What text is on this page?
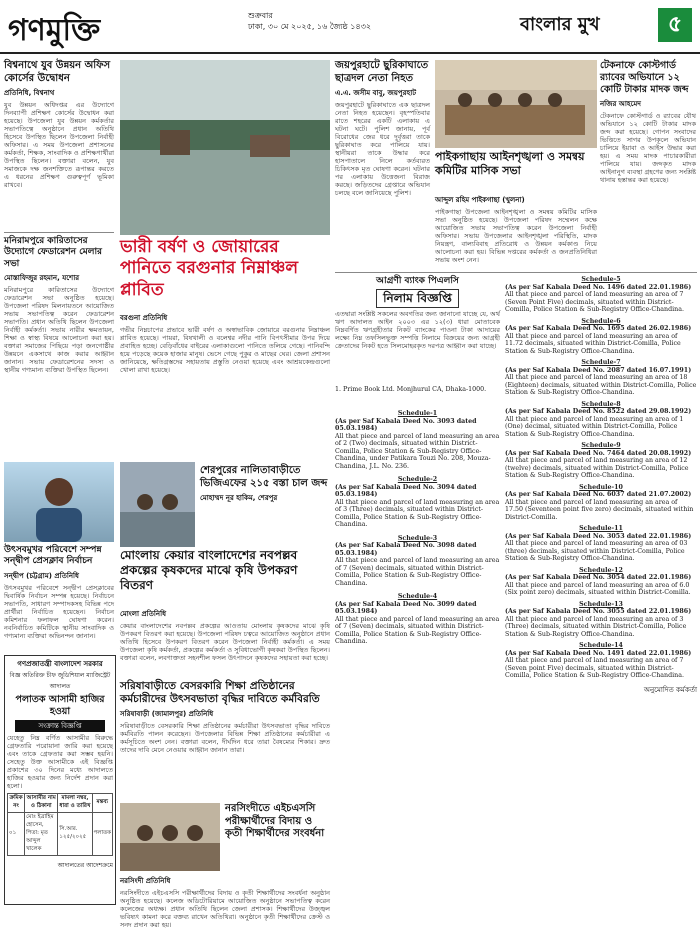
গণমুক্তি	শুক্রবার
ঢাকা, ৩০ মে ২০২৫, ১৬ জ্যৈষ্ঠ ১৪৩২	বাংলার মুখ	৫
বিশ্বনাথে যুব উন্নয়ন অফিস কোর্সের উদ্বোধন
প্রতিনিধি, বিশ্বনাথ
যুব উন্নয়ন অধিদপ্তর এর উদ্যোগে দিনব্যাপী প্রশিক্ষণ কোর্সের উদ্বোধন করা হয়েছে। উপজেলা যুব উন্নয়ন কর্মকর্তার সভাপতিত্বে অনুষ্ঠানে প্রধান অতিথি হিসেবে উপস্থিত ছিলেন উপজেলা নির্বাহী অফিসার। এ সময় উপজেলা প্রশাসনের কর্মকর্তা, শিক্ষক, সাংবাদিক ও প্রশিক্ষণার্থীরা উপস্থিত ছিলেন। বক্তারা বলেন, যুব সমাজকে দক্ষ জনশক্তিতে রূপান্তর করতে এ ধরনের প্রশিক্ষণ গুরুত্বপূর্ণ ভূমিকা রাখবে।
মনিরামপুরে কারিতাসের উদ্যোগে ফেডারেশন মেলার সভা
মোস্তাফিজুর রহমান, যশোর
মনিরামপুরে কারিতাসের উদ্যোগে ফেডারেশন সভা অনুষ্ঠিত হয়েছে। উপজেলা পরিষদ মিলনায়তনে আয়োজিত সভায় সভাপতিত্ব করেন ফেডারেশন সভাপতি। প্রধান অতিথি ছিলেন উপজেলা নির্বাহী কর্মকর্তা। সভায় নারীর ক্ষমতায়ন, শিক্ষা ও স্বাস্থ্য বিষয়ে আলোচনা করা হয়। বক্তারা সমাজের পিছিয়ে পড়া জনগোষ্ঠীর উন্নয়নে একসাথে কাজ করার আহ্বান জানান। সভায় ফেডারেশনের সদস্য ও স্থানীয় গণ্যমান্য ব্যক্তিরা উপস্থিত ছিলেন।
উৎসবমুখর পরিবেশে সম্পন্ন সন্দ্বীপ প্রেসক্লাব নির্বাচন
সন্দ্বীপ (চট্টগ্রাম) প্রতিনিধি
উৎসবমুখর পরিবেশে সন্দ্বীপ প্রেসক্লাবের দ্বিবার্ষিক নির্বাচন সম্পন্ন হয়েছে। নির্বাচনে সভাপতি, সাধারণ সম্পাদকসহ বিভিন্ন পদে প্রার্থীরা নির্বাচিত হয়েছেন। নির্বাচন কমিশনার ফলাফল ঘোষণা করেন। নবনির্বাচিত কমিটিকে স্থানীয় সাংবাদিক ও গণ্যমান্য ব্যক্তিরা অভিনন্দন জানান।
ভারী বর্ষণ ও জোয়ারের পানিতে বরগুনার নিম্নাঞ্চল প্লাবিত
বরগুনা প্রতিনিধি
গভীর নিম্নচাপের প্রভাবে ভারী বর্ষণ ও অস্বাভাবিক জোয়ারে বরগুনার নিম্নাঞ্চল প্লাবিত হয়েছে। পায়রা, বিষখালী ও বলেশ্বর নদীর পানি বিপৎসীমার উপর দিয়ে প্রবাহিত হচ্ছে। বেড়িবাঁধের বাইরের এলাকাগুলো পানিতে তলিয়ে গেছে। পানিবন্দি হয়ে পড়েছে কয়েক হাজার মানুষ। ভেসে গেছে পুকুর ও মাছের ঘের। জেলা প্রশাসন জানিয়েছে, ক্ষতিগ্রস্তদের সহায়তায় প্রস্তুতি নেওয়া হয়েছে এবং আশ্রয়কেন্দ্রগুলো খোলা রাখা হয়েছে।
জয়পুরহাটে ছুরিকাঘাতে ছাত্রদল নেতা নিহত
এ.এ. জসীম বাবু, জয়পুরহাট
জয়পুরহাটে ছুরিকাঘাতে এক ছাত্রদল নেতা নিহত হয়েছেন। বৃহস্পতিবার রাতে শহরের একটি এলাকায় এ ঘটনা ঘটে। পুলিশ জানায়, পূর্ব বিরোধের জের ধরে দুর্বৃত্তরা তাকে ছুরিকাঘাত করে পালিয়ে যায়। স্থানীয়রা তাকে উদ্ধার করে হাসপাতালে নিলে কর্তব্যরত চিকিৎসক মৃত ঘোষণা করেন। ঘটনার পর এলাকায় উত্তেজনা বিরাজ করছে। জড়িতদের গ্রেপ্তারে অভিযান চলছে বলে জানিয়েছে পুলিশ।
পাইকগাছায় আইনশৃঙ্খলা ও সমন্বয় কমিটির মাসিক সভা
আব্দুল রহিম পাইকগাছা (খুলনা)
পাইকগাছা উপজেলা আইনশৃঙ্খলা ও সমন্বয় কমিটির মাসিক সভা অনুষ্ঠিত হয়েছে। উপজেলা পরিষদ সম্মেলন কক্ষে আয়োজিত সভায় সভাপতিত্ব করেন উপজেলা নির্বাহী অফিসার। সভায় উপজেলার আইনশৃঙ্খলা পরিস্থিতি, মাদক নিয়ন্ত্রণ, বাল্যবিবাহ প্রতিরোধ ও উন্নয়ন কর্মকাণ্ড নিয়ে আলোচনা করা হয়। বিভিন্ন দপ্তরের কর্মকর্তা ও জনপ্রতিনিধিরা সভায় অংশ নেন।
টেকনাফে কোস্টগার্ড র‍্যাবের অভিযানে ১২ কোটি টাকার মাদক জব্দ
নজির আহমেদ
টেকনাফে কোস্টগার্ড ও র‍্যাবের যৌথ অভিযানে ১২ কোটি টাকার মাদক জব্দ করা হয়েছে। গোপন সংবাদের ভিত্তিতে সাগর উপকূলে অভিযান চালিয়ে ইয়াবা ও আইস উদ্ধার করা হয়। এ সময় মাদক পাচারকারীরা পালিয়ে যায়। জব্দকৃত মাদক আইনানুগ ব্যবস্থা গ্রহণের জন্য সংশ্লিষ্ট থানায় হস্তান্তর করা হয়েছে।
শেরপুরের নালিতাবাড়ীতে ভিজিএফের ২১৫ বস্তা চাল জব্দ
মোহাম্মদ নূর হাকিম, শেরপুর
মোংলায় কেয়ার বাংলাদেশের নবপল্লব প্রকল্পের কৃষকদের মাঝে কৃষি উপকরণ বিতরণ
মোংলা প্রতিনিধি
কেয়ার বাংলাদেশের নবপল্লব প্রকল্পের আওতায় মোংলায় কৃষকদের মাঝে কৃষি উপকরণ বিতরণ করা হয়েছে। উপজেলা পরিষদ চত্বরে আয়োজিত অনুষ্ঠানে প্রধান অতিথি হিসেবে উপকরণ বিতরণ করেন উপজেলা নির্বাহী কর্মকর্তা। এ সময় উপজেলা কৃষি কর্মকর্তা, প্রকল্পের কর্মকর্তা ও সুবিধাভোগী কৃষকরা উপস্থিত ছিলেন। বক্তারা বলেন, লবণাক্ততা সহনশীল ফসল উৎপাদনে কৃষকদের সহায়তা করা হচ্ছে।
সরিষাবাড়ীতে বেসরকারি শিক্ষা প্রতিষ্ঠানের কর্মচারীদের উৎসবভাতা বৃদ্ধির দাবিতে কর্মবিরতি
সরিষাবাড়ী (জামালপুর) প্রতিনিধি
সরিষাবাড়ীতে বেসরকারি শিক্ষা প্রতিষ্ঠানের কর্মচারীরা উৎসবভাতা বৃদ্ধির দাবিতে কর্মবিরতি পালন করেছেন। উপজেলার বিভিন্ন শিক্ষা প্রতিষ্ঠানের কর্মচারীরা এ কর্মসূচিতে অংশ নেন। বক্তারা বলেন, দীর্ঘদিন ধরে তারা বৈষম্যের শিকার। দ্রুত তাদের দাবি মেনে নেওয়ার আহ্বান জানান তারা।
নরসিংদীতে এইচএসসি পরীক্ষার্থীদের বিদায় ও কৃতী শিক্ষার্থীদের সংবর্ধনা
নরসিংদী প্রতিনিধি
নরসিংদীতে এইচএসসি পরীক্ষার্থীদের বিদায় ও কৃতী শিক্ষার্থীদের সংবর্ধনা অনুষ্ঠান অনুষ্ঠিত হয়েছে। কলেজ অডিটোরিয়ামে আয়োজিত অনুষ্ঠানে সভাপতিত্ব করেন কলেজের অধ্যক্ষ। প্রধান অতিথি ছিলেন জেলা প্রশাসক। শিক্ষার্থীদের উজ্জ্বল ভবিষ্যৎ কামনা করে বক্তব্য রাখেন অতিথিরা। অনুষ্ঠানে কৃতী শিক্ষার্থীদের ক্রেস্ট ও সনদ প্রদান করা হয়।
আগ্রণী ব্যাংক পিএলসি
নিলাম বিজ্ঞপ্তি
এতদ্বারা সংশ্লিষ্ট সকলের অবগতির জন্য জানানো যাচ্ছে যে, অর্থ ঋণ আদালত আইন ২০০৩ এর ১২(৩) ধারা মোতাবেক নিম্নবর্ণিত ঋণগ্রহীতার নিকট ব্যাংকের পাওনা টাকা আদায়ের লক্ষ্যে নিম্ন তফসিলভুক্ত সম্পত্তি নিলামে বিক্রয়ের জন্য আগ্রহী ক্রেতাদের নিকট হতে সিলমোহরকৃত দরপত্র আহ্বান করা যাচ্ছে।
1. Prime Book Ltd. Monjhurul CA, Dhaka-1000.
Schedule-1
(As per Saf Kabala Deed No. 3093 dated 05.03.1984)
All that piece and parcel of land measuring an area of 2 (Two) decimals, situated within District-Comilla, Police Station & Sub-Registry Office-Chandina, under Patikara Touzi No. 208, Mouza-Chandina, J.L. No. 236.
Schedule-2
(As per Saf Kabala Deed No. 3094 dated 05.03.1984)
All that piece and parcel of land measuring an area of 3 (Three) decimals, situated within District-Comilla, Police Station & Sub-Registry Office-Chandina.
Schedule-3
(As per Saf Kabala Deed No. 3098 dated 05.03.1984)
All that piece and parcel of land measuring an area of 7 (Seven) decimals, situated within District-Comilla, Police Station & Sub-Registry Office-Chandina.
Schedule-4
(As per Saf Kabala Deed No. 3099 dated 05.03.1984)
All that piece and parcel of land measuring an area of 7 (Seven) decimals, situated within District-Comilla, Police Station & Sub-Registry Office-Chandina.
Schedule-5
(As per Saf Kabala Deed No. 1496 dated 22.01.1986)
All that piece and parcel of land measuring an area of 7 (Seven Point Five) decimals, situated within District-Comilla, Police Station & Sub-Registry Office-Chandina.
Schedule-6
(As per Saf Kabala Deed No. 1695 dated 26.02.1986)
All that piece and parcel of land measuring an area of 11.72 decimals, situated within District-Comilla, Police Station & Sub-Registry Office-Chandina.
Schedule-7
(As per Saf Kabala Deed No. 2087 dated 16.07.1991)
All that piece and parcel of land measuring an area of 18 (Eighteen) decimals, situated within District-Comilla, Police Station & Sub-Registry Office-Chandina.
Schedule-8
(As per Saf Kabala Deed No. 8522 dated 29.08.1992)
All that piece and parcel of land measuring an area of 1 (One) decimal, situated within District-Comilla, Police Station & Sub-Registry Office-Chandina.
Schedule-9
(As per Saf Kabala Deed No. 7464 dated 20.08.1992)
All that piece and parcel of land measuring an area of 12 (twelve) decimals, situated within District-Comilla, Police Station & Sub-Registry Office-Chandina.
Schedule-10
(As per Saf Kabala Deed No. 6037 dated 21.07.2002)
All that piece and parcel of land measuring an area of 17.50 (Seventeen point five zero) decimals, situated within District-Comilla.
Schedule-11
(As per Saf Kabala Deed No. 3053 dated 22.01.1986)
All that piece and parcel of land measuring an area of 03 (three) decimals, situated within District-Comilla, Police Station & Sub-Registry Office-Chandina.
Schedule-12
(As per Saf Kabala Deed No. 3054 dated 22.01.1986)
All that piece and parcel of land measuring an area of 6.0 (Six point zero) decimals, situated within District-Comilla.
Schedule-13
(As per Saf Kabala Deed No. 3055 dated 22.01.1986)
All that piece and parcel of land measuring an area of 3 (Three) decimals, situated within District-Comilla, Police Station & Sub-Registry Office-Chandina.
Schedule-14
(As per Saf Kabala Deed No. 1491 dated 22.01.1986)
All that piece and parcel of land measuring an area of 7 (Seven point Five) decimals, situated within District-Comilla, Police Station & Sub-Registry Office-Chandina.
অনুমোদিত কর্মকর্তা
গণপ্রজাতন্ত্রী বাংলাদেশ সরকার
বিজ্ঞ অতিরিক্ত চীফ জুডিশিয়াল ম্যাজিস্ট্রেট আদালত
পলাতক আসামী হাজির হওয়া
সংক্রান্ত বিজ্ঞপ্তি
যেহেতু নিম্ন বর্ণিত আসামীর বিরুদ্ধে গ্রেফতারি পরোয়ানা জারি করা হয়েছে এবং তাকে গ্রেফতার করা সম্ভব হয়নি। সেহেতু উক্ত আসামীকে এই বিজ্ঞপ্তি প্রকাশের ৩০ দিনের মধ্যে আদালতে হাজির হওয়ার জন্য নির্দেশ প্রদান করা হলো।
ক্রমিক নং	আসামীর নাম ও ঠিকানা	মামলা নম্বর, ধারা ও তারিখ	মন্তব্য
০১	মোঃ ইব্রাহিম হোসেন, পিতা: মৃত আব্দুল খালেক	সি.আর. ১২৫/২০২৫	পলাতক
আদালতের আদেশক্রমে
